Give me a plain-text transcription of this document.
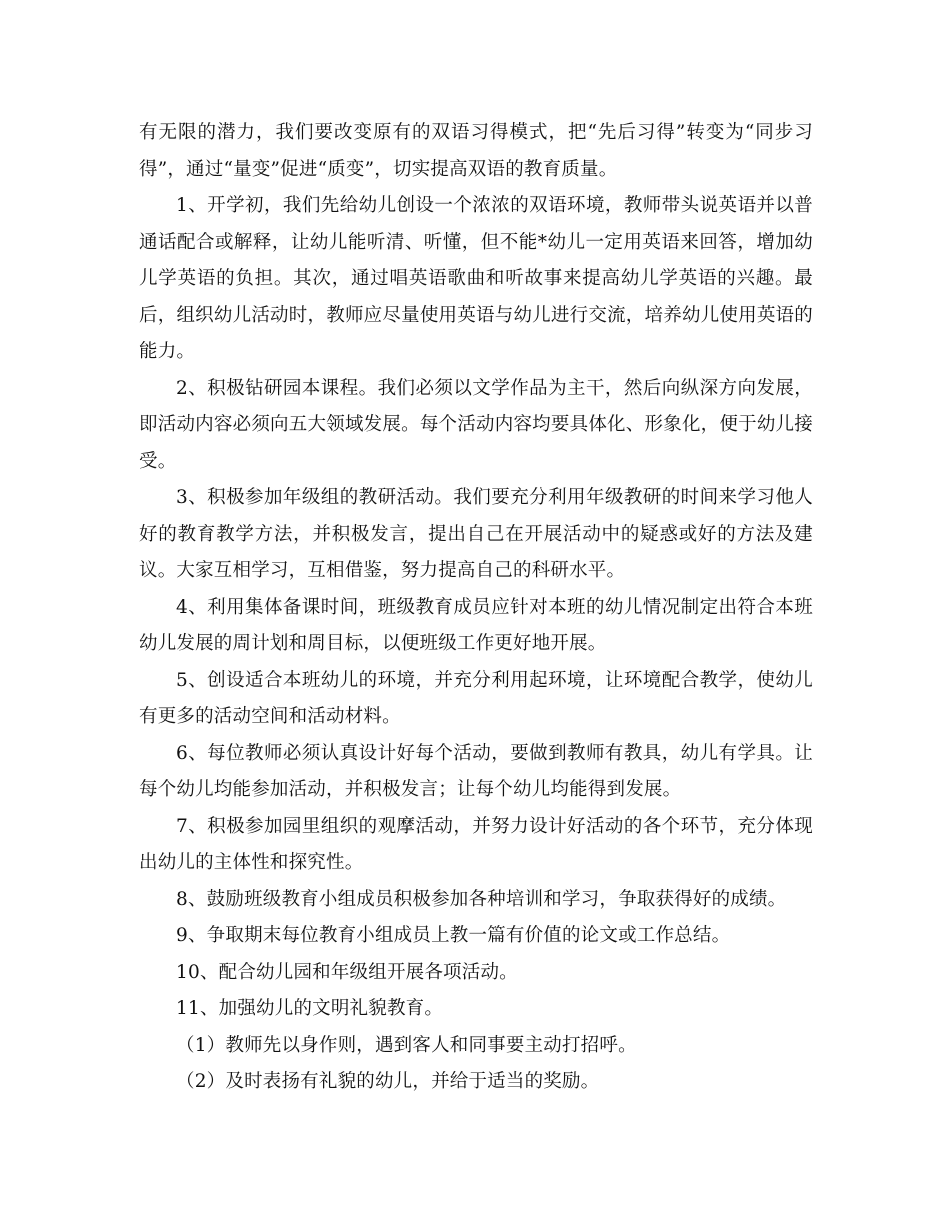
有无限的潜力，我们要改变原有的双语习得模式，把“先后习得”转变为“同步习得”，通过“量变”促进“质变”，切实提高双语的教育质量。

1、开学初，我们先给幼儿创设一个浓浓的双语环境，教师带头说英语并以普通话配合或解释，让幼儿能听清、听懂，但不能*幼儿一定用英语来回答，增加幼儿学英语的负担。其次，通过唱英语歌曲和听故事来提高幼儿学英语的兴趣。最后，组织幼儿活动时，教师应尽量使用英语与幼儿进行交流，培养幼儿使用英语的能力。

2、积极钻研园本课程。我们必须以文学作品为主干，然后向纵深方向发展，即活动内容必须向五大领域发展。每个活动内容均要具体化、形象化，便于幼儿接受。

3、积极参加年级组的教研活动。我们要充分利用年级教研的时间来学习他人好的教育教学方法，并积极发言，提出自己在开展活动中的疑惑或好的方法及建议。大家互相学习，互相借鉴，努力提高自己的科研水平。

4、利用集体备课时间，班级教育成员应针对本班的幼儿情况制定出符合本班幼儿发展的周计划和周目标，以便班级工作更好地开展。

5、创设适合本班幼儿的环境，并充分利用起环境，让环境配合教学，使幼儿有更多的活动空间和活动材料。

6、每位教师必须认真设计好每个活动，要做到教师有教具，幼儿有学具。让每个幼儿均能参加活动，并积极发言；让每个幼儿均能得到发展。

7、积极参加园里组织的观摩活动，并努力设计好活动的各个环节，充分体现出幼儿的主体性和探究性。

8、鼓励班级教育小组成员积极参加各种培训和学习，争取获得好的成绩。

9、争取期末每位教育小组成员上教一篇有价值的论文或工作总结。

10、配合幼儿园和年级组开展各项活动。

11、加强幼儿的文明礼貌教育。

（1）教师先以身作则，遇到客人和同事要主动打招呼。

（2）及时表扬有礼貌的幼儿，并给于适当的奖励。
